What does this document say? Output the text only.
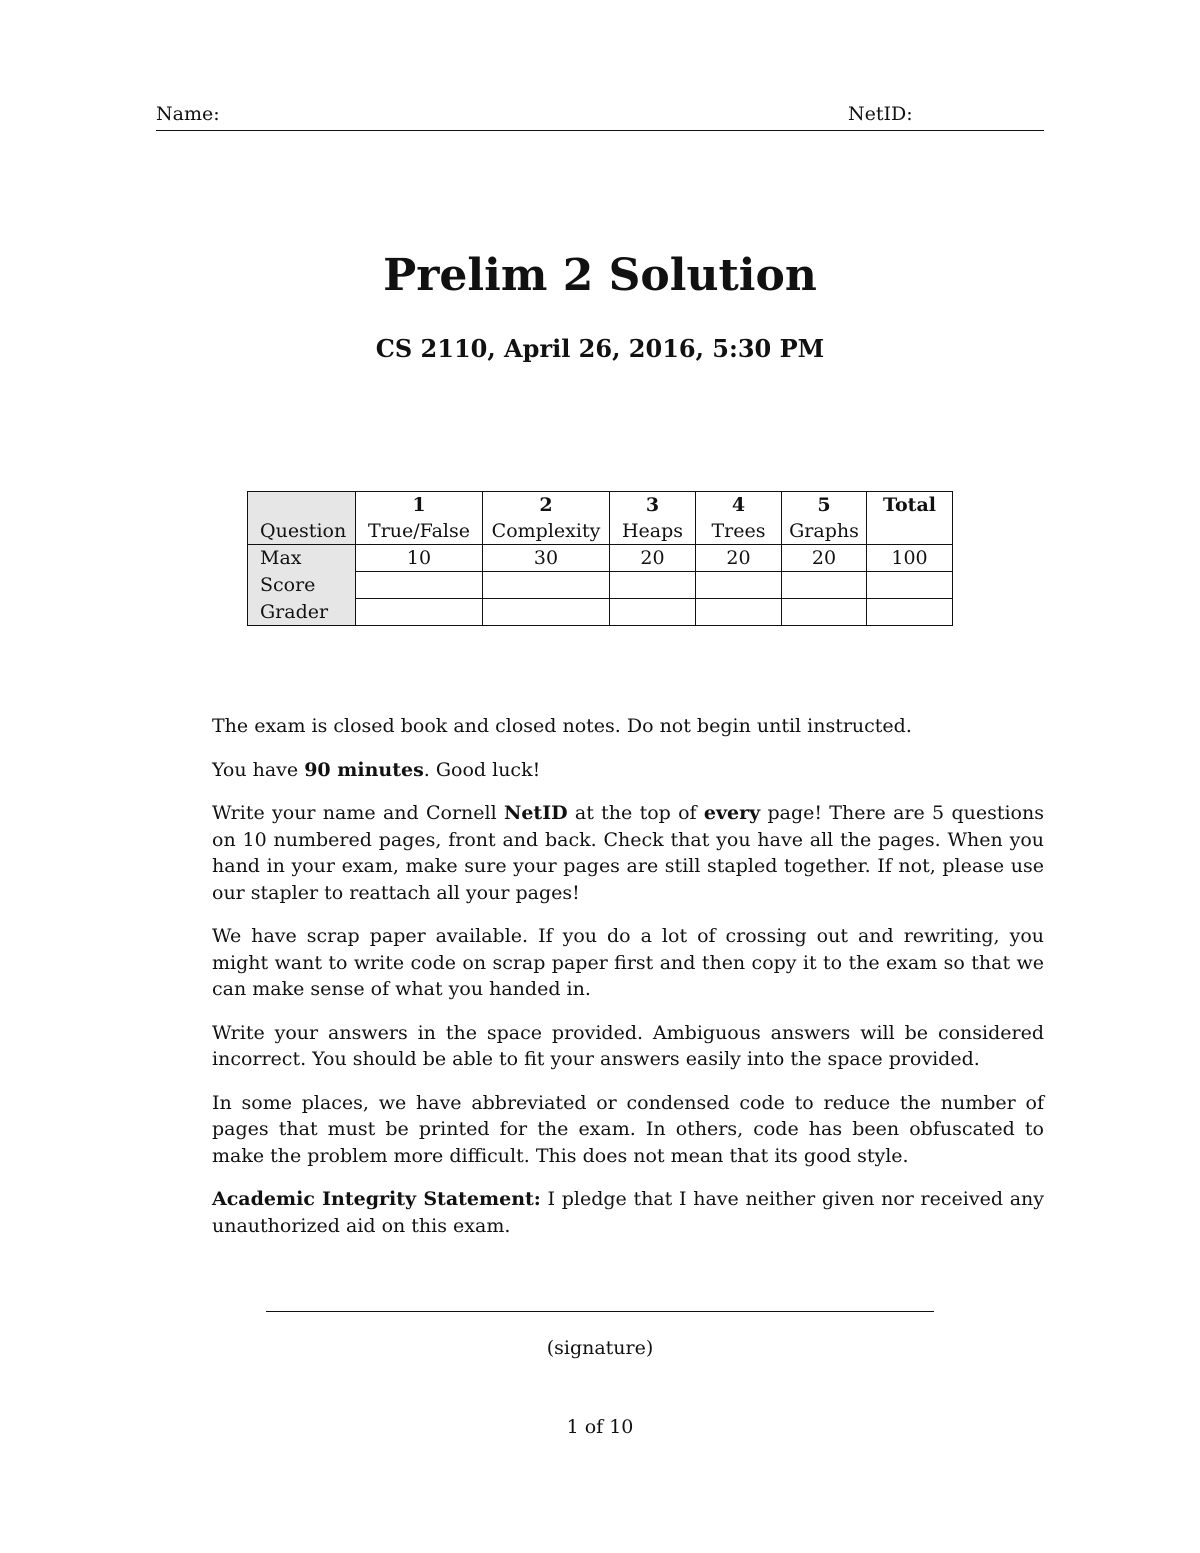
Name:	NetID:
Prelim 2 Solution
CS 2110, April 26, 2016, 5:30 PM
	1	2	3	4	5	Total
Question	True/False	Complexity	Heaps	Trees	Graphs	
Max	10	30	20	20	20	100
Score						
Grader						

The exam is closed book and closed notes. Do not begin until instructed.

You have 90 minutes. Good luck!

Write your name and Cornell NetID at the top of every page! There are 5 questions on 10 numbered pages, front and back. Check that you have all the pages. When you hand in your exam, make sure your pages are still stapled together. If not, please use our stapler to reattach all your pages!

We have scrap paper available. If you do a lot of crossing out and rewriting, you might want to write code on scrap paper first and then copy it to the exam so that we can make sense of what you handed in.

Write your answers in the space provided. Ambiguous answers will be considered incorrect. You should be able to fit your answers easily into the space provided.

In some places, we have abbreviated or condensed code to reduce the number of pages that must be printed for the exam. In others, code has been obfuscated to make the problem more difficult. This does not mean that its good style.

Academic Integrity Statement: I pledge that I have neither given nor received any unauthorized aid on this exam.

(signature)
1 of 10
